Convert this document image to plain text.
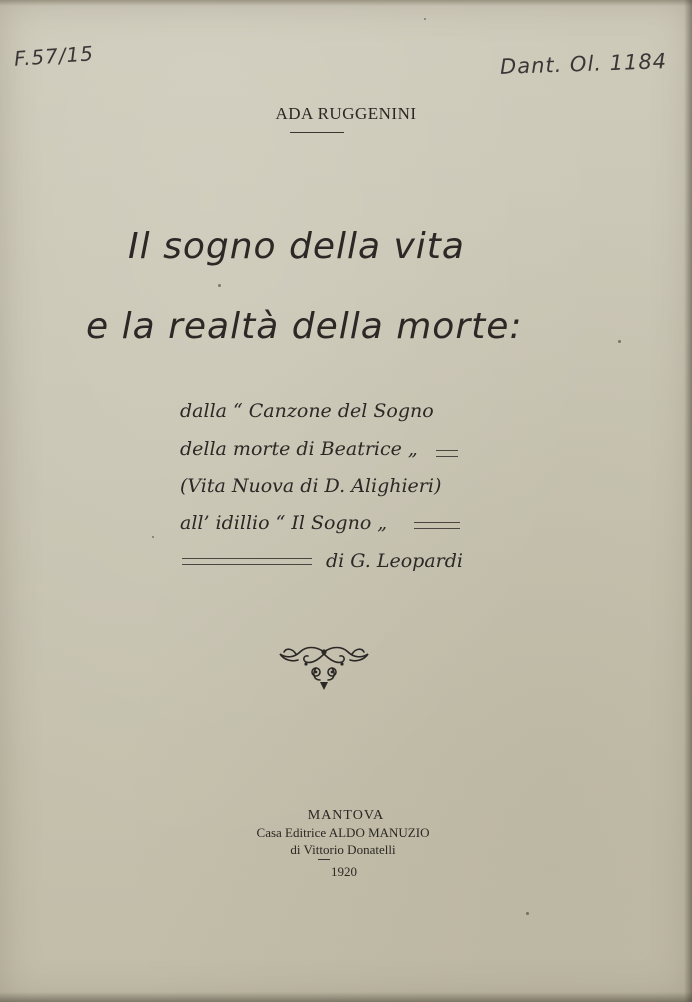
F.57/15	Dant. Ol. 1184
ADA RUGGENINI
Il sogno della vita
e la realtà della morte:
dalla “ Canzone del Sogno
della morte di Beatrice „
(Vita Nuova di D. Alighieri)
all’ idillio “ Il Sogno „
di G. Leopardi
MANTOVA
Casa Editrice ALDO MANUZIO
di Vittorio Donatelli
1920
